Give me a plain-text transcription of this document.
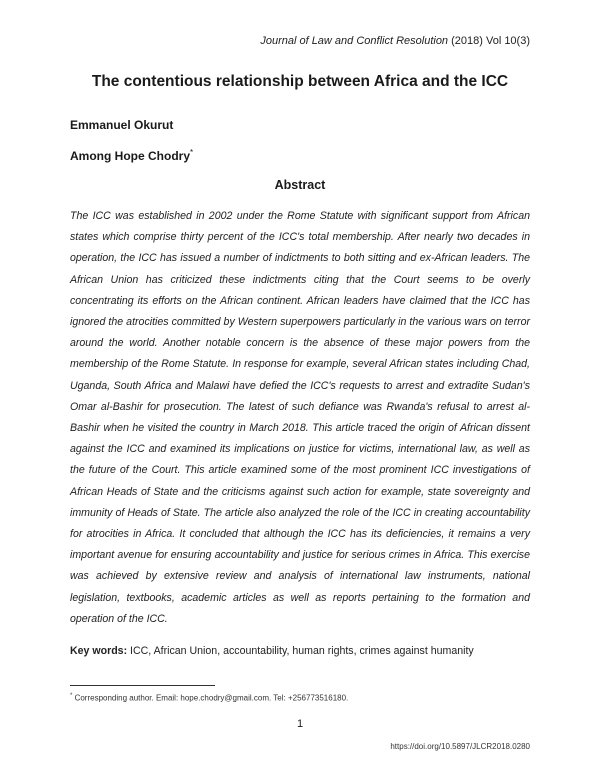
Journal of Law and Conflict Resolution (2018) Vol 10(3)
The contentious relationship between Africa and the ICC
Emmanuel Okurut
Among Hope Chodry*
Abstract

The ICC was established in 2002 under the Rome Statute with significant support from African states which comprise thirty percent of the ICC's total membership. After nearly two decades in operation, the ICC has issued a number of indictments to both sitting and ex-African leaders. The African Union has criticized these indictments citing that the Court seems to be overly concentrating its efforts on the African continent. African leaders have claimed that the ICC has ignored the atrocities committed by Western superpowers particularly in the various wars on terror around the world. Another notable concern is the absence of these major powers from the membership of the Rome Statute. In response for example, several African states including Chad, Uganda, South Africa and Malawi have defied the ICC's requests to arrest and extradite Sudan's Omar al-Bashir for prosecution. The latest of such defiance was Rwanda's refusal to arrest al-Bashir when he visited the country in March 2018. This article traced the origin of African dissent against the ICC and examined its implications on justice for victims, international law, as well as the future of the Court. This article examined some of the most prominent ICC investigations of African Heads of State and the criticisms against such action for example, state sovereignty and immunity of Heads of State. The article also analyzed the role of the ICC in creating accountability for atrocities in Africa. It concluded that although the ICC has its deficiencies, it remains a very important avenue for ensuring accountability and justice for serious crimes in Africa. This exercise was achieved by extensive review and analysis of international law instruments, national legislation, textbooks, academic articles as well as reports pertaining to the formation and operation of the ICC.

Key words: ICC, African Union, accountability, human rights, crimes against humanity
* Corresponding author. Email: hope.chodry@gmail.com. Tel: +256773516180.
1
https://doi.org/10.5897/JLCR2018.0280
